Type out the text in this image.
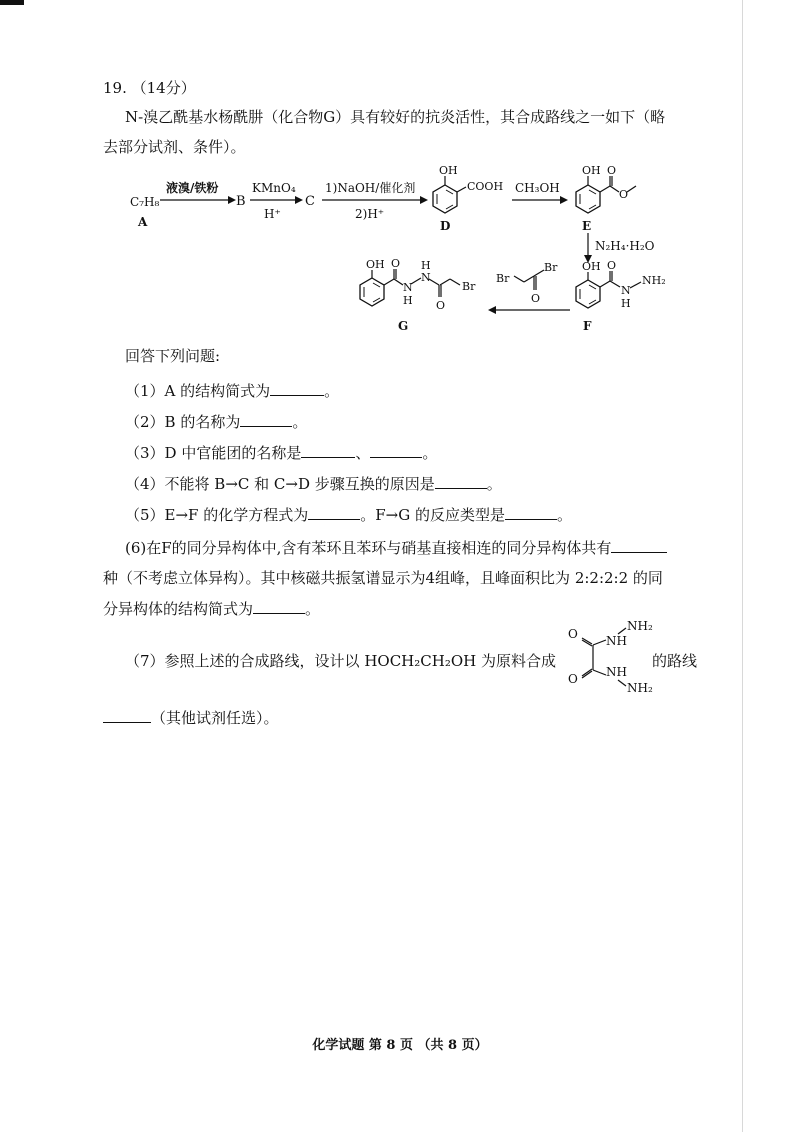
19. （14分）
N-溴乙酰基水杨酰肼（化合物G）具有较好的抗炎活性，其合成路线之一如下（略
去部分试剂、条件）。
C₇H₈
A
液溴/铁粉
B
KMnO₄
H⁺
C
1)NaOH/催化剂
2)H⁺
OH
COOH
D
CH₃OH
OH O
O
E
N₂H₄·H₂O
OH O
N
H
NH₂
F
Br
Br
O
OH O
N
H
H
N
O
Br
G
回答下列问题:
（1）A 的结构简式为	。
（2）B 的名称为	。
（3）D 中官能团的名称是	、	。
（4）不能将 B→C 和 C→D 步骤互换的原因是	。
（5）E→F 的化学方程式为	。F→G 的反应类型是	。
(6)在F的同分异构体中,含有苯环且苯环与硝基直接相连的同分异构体共有
种（不考虑立体异构）。其中核磁共振氢谱显示为4组峰，且峰面积比为 2:2:2:2 的同
分异构体的结构简式为	。
（7）参照上述的合成路线，设计以 HOCH₂CH₂OH 为原料合成
O
O
NH
NH
NH₂
NH₂
的路线
（其他试剂任选）。
化学试题 第 8 页 （共 8 页）
